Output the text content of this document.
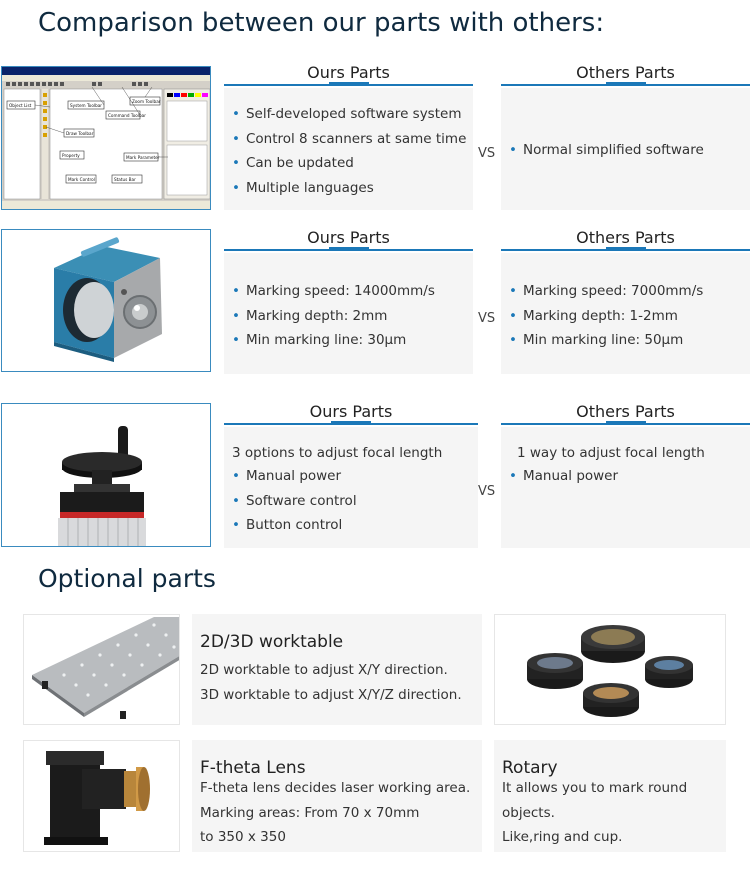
Comparison between our parts with others:
Object List	System Toolbar
Command Toolbar
Zoom Toolbar
Draw Toolbar
Property	Mark Parameter
Mark Control	Status Bar
Ours Parts
• Self-developed software system
• Control 8 scanners at same time
• Can be updated
• Multiple languages
VS
Others Parts
• Normal simplified software
Ours Parts
• Marking speed: 14000mm/s
• Marking depth: 2mm
• Min marking line: 30μm
VS
Others Parts
• Marking speed: 7000mm/s
• Marking depth: 1-2mm
• Min marking line: 50μm
Ours Parts
3 options to adjust focal length
• Manual power
• Software control
• Button control
VS
Others Parts
1 way to adjust focal length
• Manual power
Optional parts
2D/3D worktable
2D worktable to adjust X/Y direction.
3D worktable to adjust X/Y/Z direction.
F-theta Lens
F-theta lens decides laser working area.
Marking areas: From 70 x 70mm
to 350 x 350
Rotary
It allows you to mark round
objects.
Like,ring and cup.
